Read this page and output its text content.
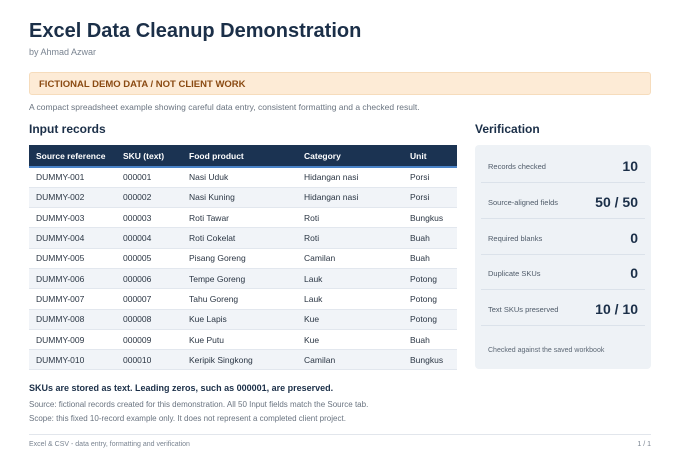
Excel Data Cleanup Demonstration
by Ahmad Azwar
FICTIONAL DEMO DATA / NOT CLIENT WORK
A compact spreadsheet example showing careful data entry, consistent formatting and a checked result.
Input records	Verification
Source reference	SKU (text)	Food product	Category	Unit
DUMMY-001	000001	Nasi Uduk	Hidangan nasi	Porsi
DUMMY-002	000002	Nasi Kuning	Hidangan nasi	Porsi
DUMMY-003	000003	Roti Tawar	Roti	Bungkus
DUMMY-004	000004	Roti Cokelat	Roti	Buah
DUMMY-005	000005	Pisang Goreng	Camilan	Buah
DUMMY-006	000006	Tempe Goreng	Lauk	Potong
DUMMY-007	000007	Tahu Goreng	Lauk	Potong
DUMMY-008	000008	Kue Lapis	Kue	Potong
DUMMY-009	000009	Kue Putu	Kue	Buah
DUMMY-010	000010	Keripik Singkong	Camilan	Bungkus
Records checked	10
Source-aligned fields	50 / 50
Required blanks	0
Duplicate SKUs	0
Text SKUs preserved	10 / 10
Checked against the saved workbook
SKUs are stored as text. Leading zeros, such as 000001, are preserved.
Source: fictional records created for this demonstration. All 50 Input fields match the Source tab.
Scope: this fixed 10-record example only. It does not represent a completed client project.
Excel & CSV - data entry, formatting and verification	1 / 1
